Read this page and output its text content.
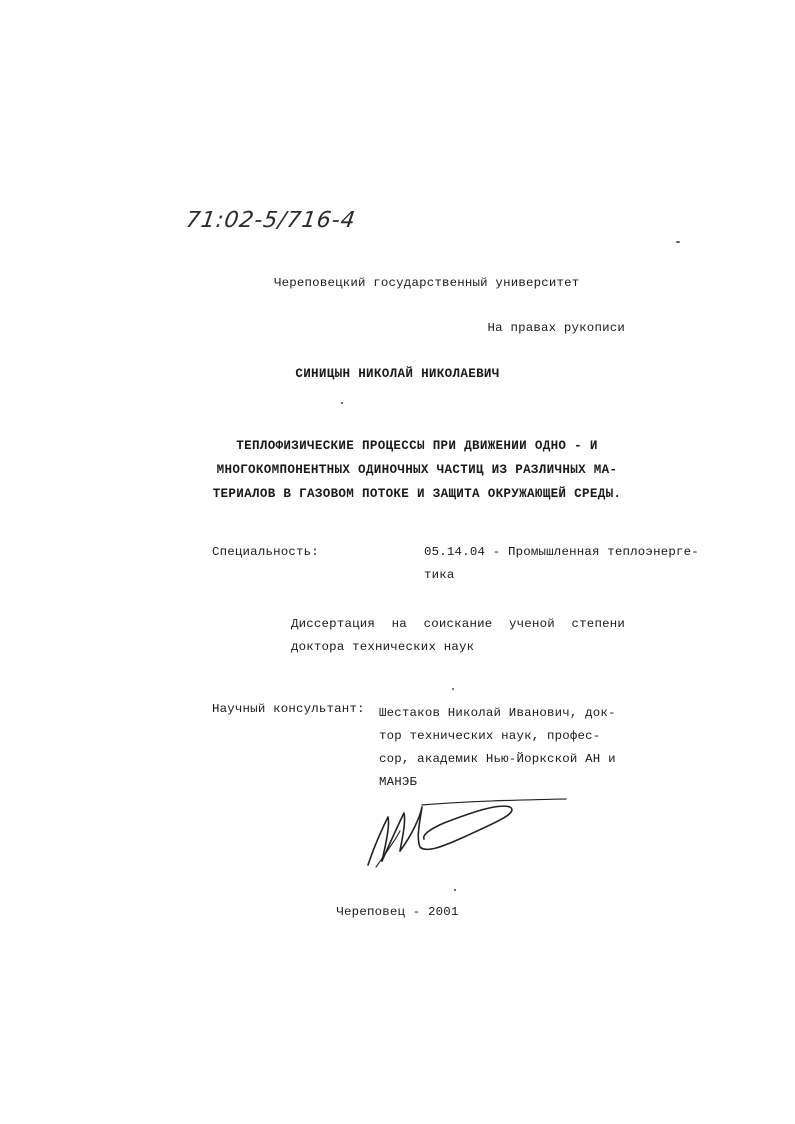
71:02-5/716-4
Череповецкий государственный университет
На правах рукописи
СИНИЦЫН НИКОЛАЙ НИКОЛАЕВИЧ
ТЕПЛОФИЗИЧЕСКИЕ ПРОЦЕССЫ ПРИ ДВИЖЕНИИ ОДНО - И
МНОГОКОМПОНЕНТНЫХ ОДИНОЧНЫХ ЧАСТИЦ ИЗ РАЗЛИЧНЫХ МА-
ТЕРИАЛОВ В ГАЗОВОМ ПОТОКЕ И ЗАЩИТА ОКРУЖАЮЩЕЙ СРЕДЫ.
Специальность:	05.14.04 - Промышленная теплоэнерге-
тика
Диссертация на соискание ученой степени
доктора технических наук
Научный консультант: Шестаков Николай Иванович, док-
тор технических наук, профес-
сор, академик Нью-Йоркской АН и
МАНЭБ
Череповец - 2001
